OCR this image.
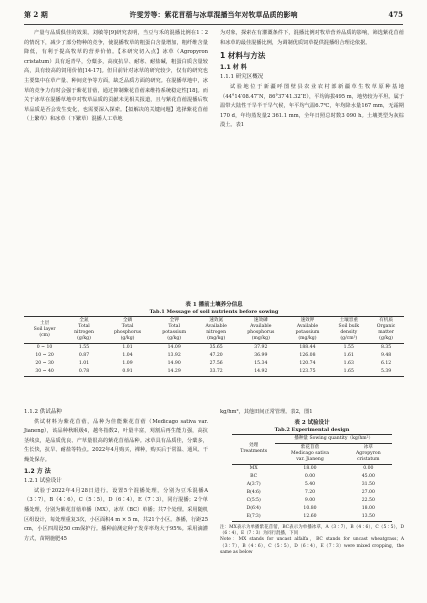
第 2 期	许雯芳等：紫花苜蓿与冰草混播当年对牧草品质的影响	475

产量与品质俱佳的效果。刘敏等[9]研究表明，当豆与禾的混播比例在1∶2的情况下，减少了部分物种的竞争，使混播牧草的粗蛋白含量增加，粗纤维含量降低，有利于提高牧草的营养价值。【本研究切入点】冰草（Agropyron cristatum）具有返青早，分蘖多，高度抗旱、耐寒、耐盐碱，粗蛋白质含量较高，具有较高的饲用价值[14-17]。但目前针对冰草的研究较少，仅有的研究也主要集中在草产量、种间竞争等方面，缺乏品质方面的研究。在混播草地中，冰草的竞争力有时会强于紫花苜蓿，通过抑制紫花苜蓿来维持系统稳定性[18]。而关于冰草在混播草地中对牧草品质的贡献未见相关报道，且与紫花苜蓿混播后牧草品质是否会发生变化，也需要深入探索。【拟解决的关键问题】选择紫花苜蓿（上繁草）和冰草（下繁草）混播人工草地

为对象，探索在有灌溉条件下，混播比例对牧草营养品质的影响，筛选紫花苜蓿和冰草的最佳混播比例，为调制优质饲草提供混播组合理论依据。

1 材料与方法
1.1 材 料
1.1.1 研究区概况

试验地位于新疆呼图壁县农业农村部新疆草生牧草原种基地（44°14′08.47″N，86°37′41.32″E），平均海拔495 m，地势较为平坦。属于温带大陆性干旱半干旱气候，年平均气温6.7℃，年均降水量167 mm，无霜期170 d，年均蒸发量2 361.1 mm，全年日照总时数3 090 h。土壤类型为灰棕漠土。表1

表 1 播前土壤养分信息
Tab.1 Message of soil nutrients before sowing
土层
Soil layer
(cm)	全氮
Total
nitrogen
(g/kg)	全磷
Total
phosphorus
(g/kg)	全钾
Total
potassium
(g/kg)	速效氮
Available
nitrogen
(mg/kg)	速效磷
Available
phosphorus
(mg/kg)	速效钾
Available
potassium
(mg/kg)	土壤容重
Soil bulk
density
(g/cm³)	有机质
Organic
matter
(g/kg)
0 ~ 10	1.55	1.01	14.09	35.65	37.92	188.44	1.55	8.35
10 ~ 20	0.87	1.04	13.92	47.20	36.99	126.08	1.61	9.48
20 ~ 30	1.01	1.09	14.90	27.56	15.34	120.74	1.63	6.12
30 ~ 40	0.78	0.91	14.29	33.72	14.92	123.75	1.65	5.39
1.1.2 供试品种

供试材料为紫花苜蓿，品种为佳能紫花苜蓿（Medicago sativa var. Jianeng），该品种秋眠级4，越冬指数2，叶量丰富，刈割后再生能力强，高抗茎线虫，是品质优良、产草量很高的紫花苜蓿品种。冰草具有品质佳，分蘖多，生长快，抗旱、耐盐等特点。2022年4月购买，裸种，购买后于常温、通风、干燥处保存。

1.2 方 法
1.2.1 试验设计

试验于2022年4月28日进行。设置5个混播处理，分别为豆禾混播A（3∶7），B（4∶6），C（5∶5），D（6∶4），E（7∶3），同行混播；2个单播处理，分别为紫花苜蓿单播（MX），冰草（BC）单播；共7个处理。采用随机区组设计，每处理重复3次，小区面积4 m × 5 m，共21个小区。条播，行距25 cm，小区四周设50 cm保护行。播种前测定种子发芽率均大于95%。采用滴灌方式，苗期施肥45

kg/hm²，其他田间正常管理。表2，图1

表 2 试验设计
Tab.2 Experimental design
处理
Treatments	播种量 Sowing quantity（kg/hm²）	
	紫花苜蓿
Medicago sativa
var. Jianeng	冰草
Agropyron
cristatum
MX	18.00	0.00
BC	0.00	45.00
A(3∶7)	5.40	31.50
B(4∶6)	7.20	27.00
C(5∶5)	9.00	22.50
D(6∶4)	10.80	18.00
E(7∶3)	12.60	13.50
注：MX表示为单播紫花苜蓿，BC表示为单播冰草，A（3∶7），B（4∶6），C（5∶5），D（6∶4），E（7∶3）为同行混播，下同
Note：MX stands for uncast alfalfa，BC stands for uncast wheatgrass；A（3∶7），B（4∶6），C（5∶5），D（6∶4），E（7∶3）were mixed cropping，the same as below
